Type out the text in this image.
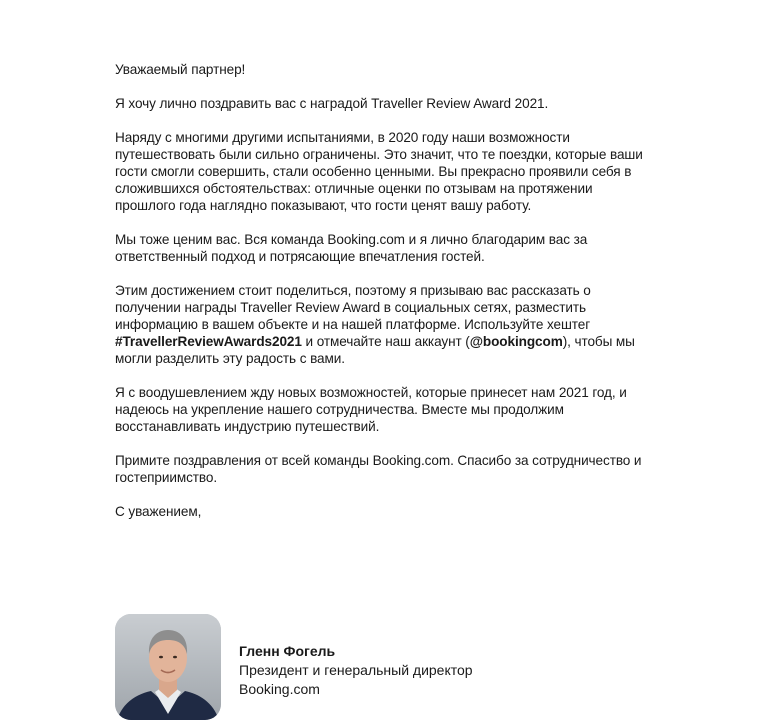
Уважаемый партнер!

Я хочу лично поздравить вас с наградой Traveller Review Award 2021.

Наряду с многими другими испытаниями, в 2020 году наши возможности путешествовать были сильно ограничены. Это значит, что те поездки, которые ваши гости смогли совершить, стали особенно ценными. Вы прекрасно проявили себя в сложившихся обстоятельствах: отличные оценки по отзывам на протяжении прошлого года наглядно показывают, что гости ценят вашу работу.

Мы тоже ценим вас. Вся команда Booking.com и я лично благодарим вас за ответственный подход и потрясающие впечатления гостей.

Этим достижением стоит поделиться, поэтому я призываю вас рассказать о получении награды Traveller Review Award в социальных сетях, разместить информацию в вашем объекте и на нашей платформе. Используйте хештег #TravellerReviewAwards2021 и отмечайте наш аккаунт (@bookingcom), чтобы мы могли разделить эту радость с вами.

Я с воодушевлением жду новых возможностей, которые принесет нам 2021 год, и надеюсь на укрепление нашего сотрудничества. Вместе мы продолжим восстанавливать индустрию путешествий.

Примите поздравления от всей команды Booking.com. Спасибо за сотрудничество и гостеприимство.

С уважением,

Гленн Фогель
Президент и генеральный директор
Booking.com
